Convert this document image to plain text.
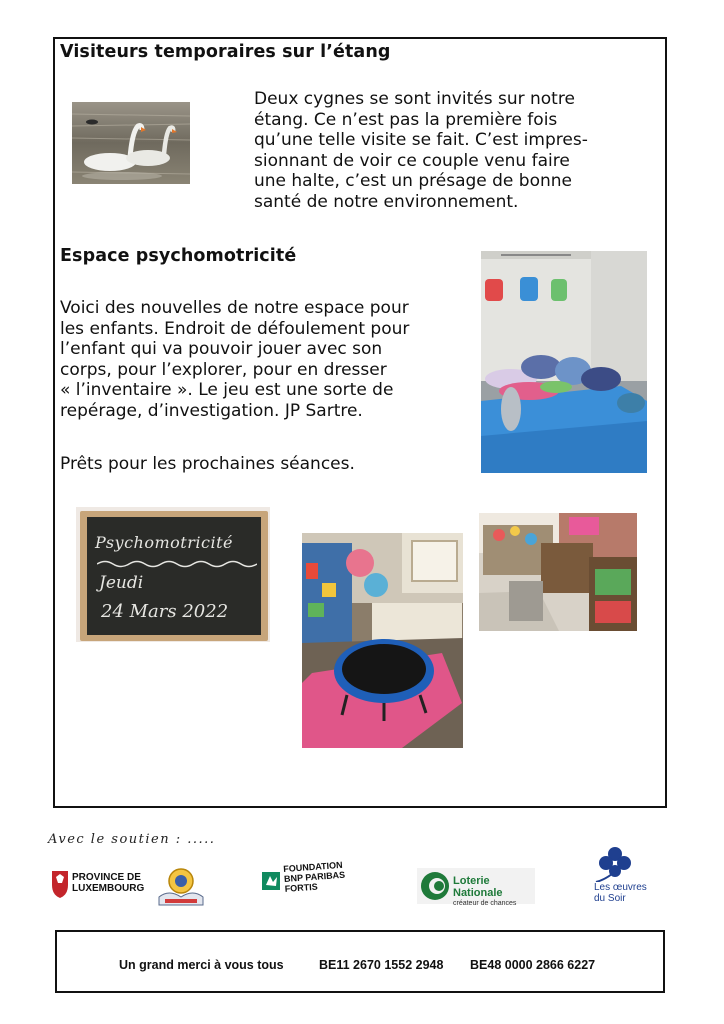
Visiteurs temporaires sur l’étang
Deux cygnes se sont invités sur notre
étang. Ce n’est pas la première fois
qu’une telle visite se fait. C’est impres-
sionnant de voir ce couple venu faire
une halte, c’est un présage de bonne
santé de notre environnement.
Espace psychomotricité
Voici des nouvelles de notre espace pour
les enfants. Endroit de défoulement pour
l’enfant qui va pouvoir jouer avec son
corps, pour l’explorer, pour en dresser
« l’inventaire ». Le jeu est une sorte de
repérage, d’investigation. JP Sartre.
Prêts pour les prochaines séances.
Psychomotricité
Jeudi
24 Mars 2022
Avec le soutien : .....
PROVINCE DE
LUXEMBOURG
FOUNDATION
BNP PARIBAS FORTIS
Loterie Nationale
créateur de chances
Les œuvres
du Soir
Un grand merci à vous tous	BE11 2670 1552 2948 BE48 0000 2866 6227
